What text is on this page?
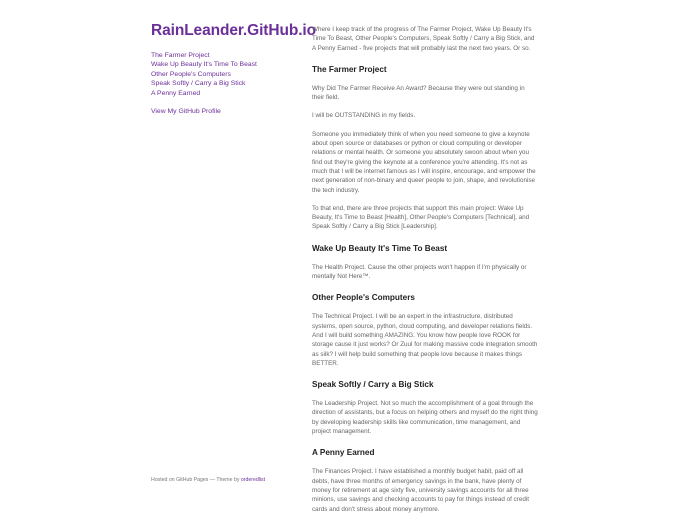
RainLeander.GitHub.io
The Farmer Project
Wake Up Beauty It's Time To Beast
Other People's Computers
Speak Softly / Carry a Big Stick
A Penny Earned
View My GitHub Profile
Hosted on GitHub Pages — Theme by orderedlist

Where I keep track of the progress of The Farmer Project, Wake Up Beauty It's Time To Beast, Other People's Computers, Speak Softly / Carry a Big Stick, and A Penny Earned - five projects that will probably last the next two years. Or so.

The Farmer Project

Why Did The Farmer Receive An Award? Because they were out standing in their field.

I will be OUTSTANDING in my fields.

Someone you immediately think of when you need someone to give a keynote about open source or databases or python or cloud computing or developer relations or mental health. Or someone you absolutely swoon about when you find out they're giving the keynote at a conference you're attending. It's not as much that I will be internet famous as I will inspire, encourage, and empower the next generation of non-binary and queer people to join, shape, and revolutionise the tech industry.

To that end, there are three projects that support this main project: Wake Up Beauty, It's Time to Beast [Health], Other People's Computers [Technical], and Speak Softly / Carry a Big Stick [Leadership].

Wake Up Beauty It's Time To Beast

The Health Project. Cause the other projects won't happen if I'm physically or mentally Not Here™.

Other People's Computers

The Technical Project. I will be an expert in the infrastructure, distributed systems, open source, python, cloud computing, and developer relations fields. And I will build something AMAZING. You know how people love ROOK for storage cause it just works? Or Zuul for making massive code integration smooth as silk? I will help build something that people love because it makes things BETTER.

Speak Softly / Carry a Big Stick

The Leadership Project. Not so much the accomplishment of a goal through the direction of assistants, but a focus on helping others and myself do the right thing by developing leadership skills like communication, time management, and project management.

A Penny Earned

The Finances Project. I have established a monthly budget habit, paid off all debts, have three months of emergency savings in the bank, have plenty of money for retirement at age sixty five, university savings accounts for all three minions, use savings and checking accounts to pay for things instead of credit cards and don't stress about money anymore.
